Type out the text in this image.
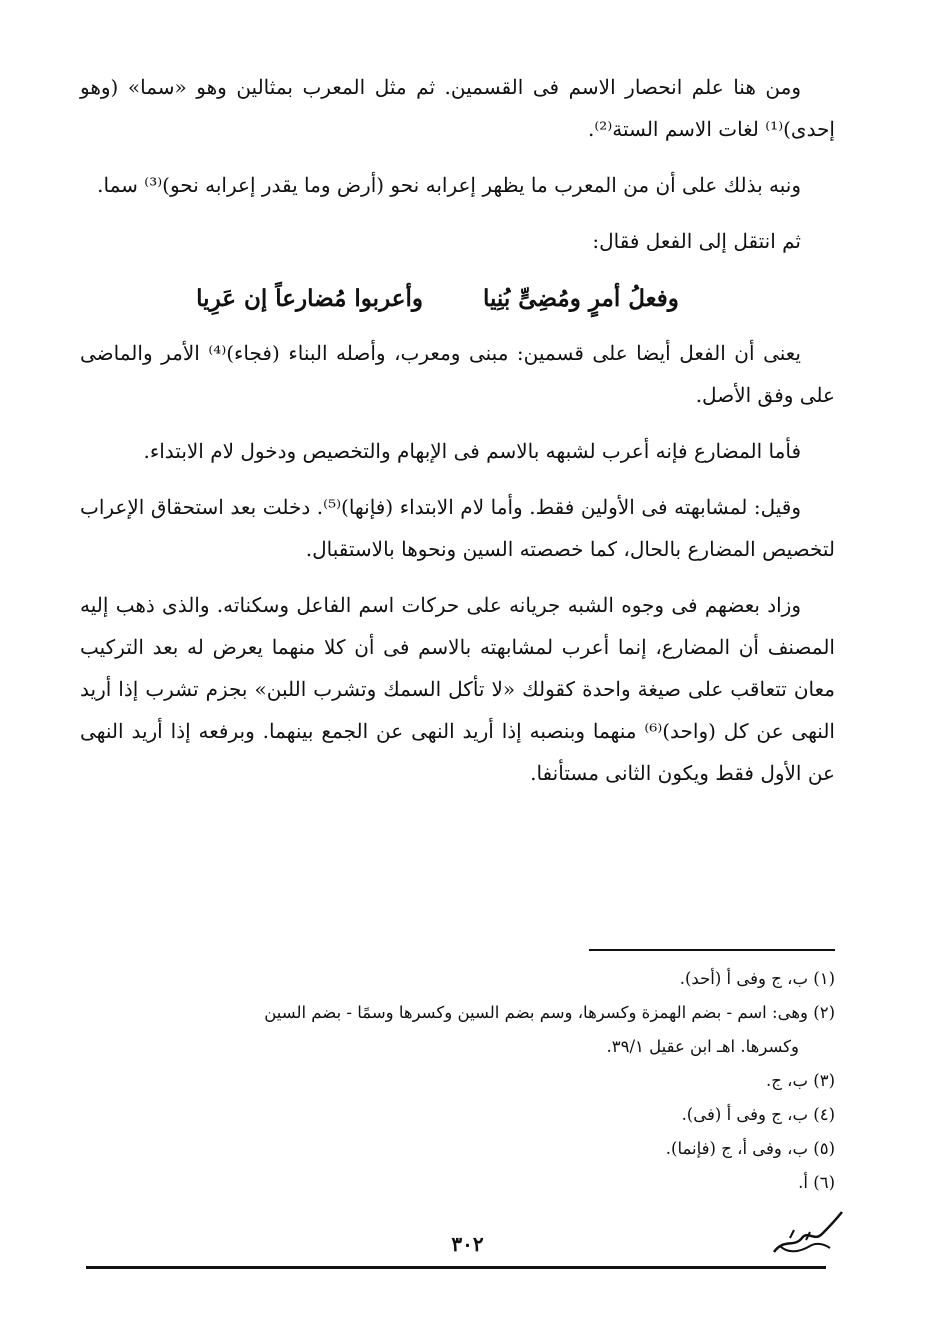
ومن هنا علم انحصار الاسم فى القسمين. ثم مثل المعرب بمثالين وهو «سما» (وهو إحدى)⁽¹⁾ لغات الاسم الستة⁽²⁾.

ونبه بذلك على أن من المعرب ما يظهر إعرابه نحو (أرض وما يقدر إعرابه نحو)⁽³⁾ سما.

ثم انتقل إلى الفعل فقال:

وفعلُ أمرٍ ومُضِىٍّ بُنِيا
وأعربوا مُضارعاً إن عَرِيا

يعنى أن الفعل أيضا على قسمين: مبنى ومعرب، وأصله البناء (فجاء)⁽⁴⁾ الأمر والماضى على وفق الأصل.

فأما المضارع فإنه أعرب لشبهه بالاسم فى الإبهام والتخصيص ودخول لام الابتداء.

وقيل: لمشابهته فى الأولين فقط. وأما لام الابتداء (فإنها)⁽⁵⁾. دخلت بعد استحقاق الإعراب لتخصيص المضارع بالحال، كما خصصته السين ونحوها بالاستقبال.

وزاد بعضهم فى وجوه الشبه جريانه على حركات اسم الفاعل وسكناته. والذى ذهب إليه المصنف أن المضارع، إنما أعرب لمشابهته بالاسم فى أن كلا منهما يعرض له بعد التركيب معان تتعاقب على صيغة واحدة كقولك «لا تأكل السمك وتشرب اللبن» بجزم تشرب إذا أريد النهى عن كل (واحد)⁽⁶⁾ منهما وبنصبه إذا أريد النهى عن الجمع بينهما. وبرفعه إذا أريد النهى عن الأول فقط ويكون الثانى مستأنفا.

(١) ب، ج وفى أ (أحد).

(٢) وهى: اسم - بضم الهمزة وكسرها، وسم بضم السين وكسرها وسمًا - بضم السين

وكسرها. اهـ ابن عقيل ٣٩/١.

(٣) ب، ج.

(٤) ب، ج وفى أ (فى).

(٥) ب، وفى أ، ج (فإنما).

(٦) أ.

٣٠٢
